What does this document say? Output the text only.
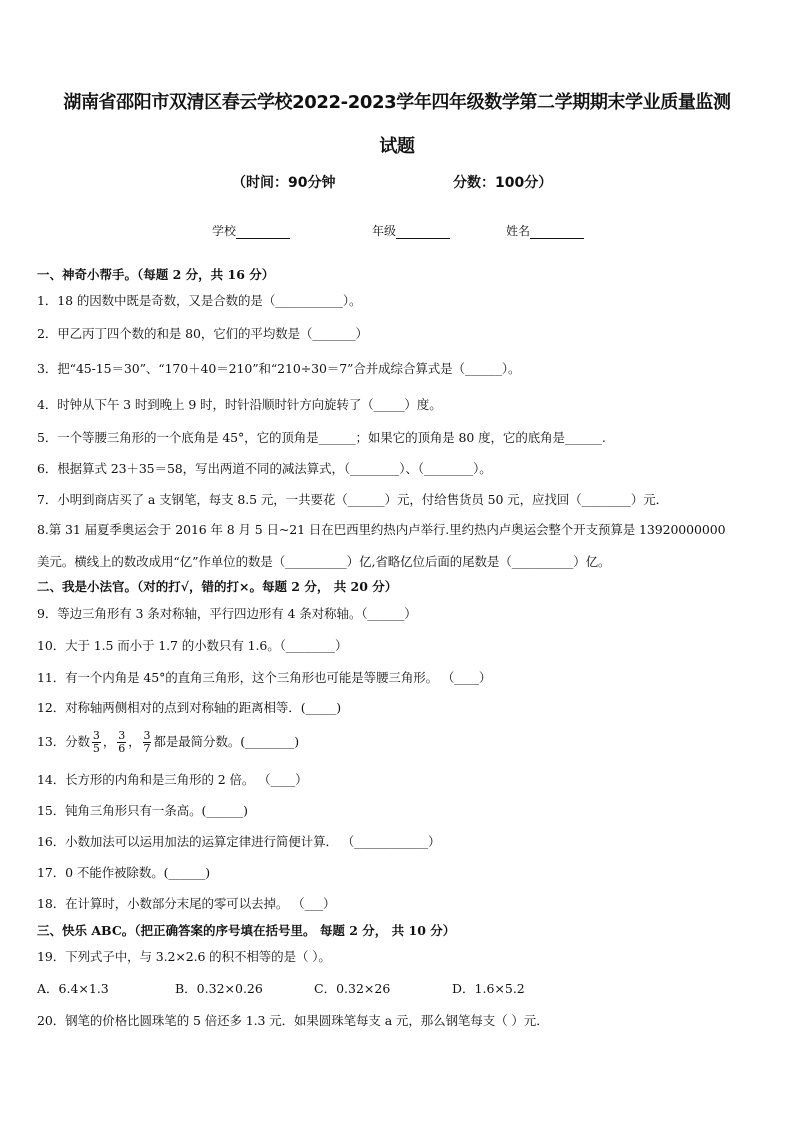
湖南省邵阳市双清区春云学校2022-2023学年四年级数学第二学期期末学业质量监测
试题
（时间：90分钟	分数：100分）
学校	年级	姓名
一、神奇小帮手。（每题 2 分，共 16 分）
1．18 的因数中既是奇数，又是合数的是（___________）。
2．甲乙丙丁四个数的和是 80，它们的平均数是（_______）
3．把“45-15＝30”、“170＋40＝210”和“210÷30＝7”合并成综合算式是（______）。
4．时钟从下午 3 时到晚上 9 时，时针沿顺时针方向旋转了（_____）度。
5．一个等腰三角形的一个底角是 45°，它的顶角是______；如果它的顶角是 80 度，它的底角是______.
6．根据算式 23＋35＝58，写出两道不同的减法算式，（________）、（________）。
7．小明到商店买了 a 支钢笔，每支 8.5 元，一共要花（______）元，付给售货员 50 元，应找回（________）元．
8.第 31 届夏季奥运会于 2016 年 8 月 5 日~21 日在巴西里约热内卢举行.里约热内卢奥运会整个开支预算是 13920000000
美元。横线上的数改成用“亿”作单位的数是（__________）亿,省略亿位后面的尾数是（__________）亿。
二、我是小法官。（对的打√，错的打×。每题 2 分， 共 20 分）
9．等边三角形有 3 条对称轴，平行四边形有 4 条对称轴。（______）
10．大于 1.5 而小于 1.7 的小数只有 1.6。（________）
11．有一个内角是 45°的直角三角形，这个三角形也可能是等腰三角形。 （____）
12．对称轴两侧相对的点到对称轴的距离相等．(_____)
13．分数 $\frac{3}{5}$ ， $\frac{3}{6}$ ， $\frac{3}{7}$ 都是最简分数。(________)
14．长方形的内角和是三角形的 2 倍。 （____）
15．钝角三角形只有一条高。(______)
16．小数加法可以运用加法的运算定律进行简便计算． （____________）
17．0 不能作被除数。(______)
18．在计算时，小数部分末尾的零可以去掉。 （___）
三、快乐 ABC。（把正确答案的序号填在括号里。 每题 2 分， 共 10 分）
19．下列式子中，与 3.2×2.6 的积不相等的是（ ）。
A．6.4×1.3	B．0.32×0.26	C．0.32×26	D．1.6×5.2
20．钢笔的价格比圆珠笔的 5 倍还多 1.3 元．如果圆珠笔每支 a 元，那么钢笔每支（ ）元．
